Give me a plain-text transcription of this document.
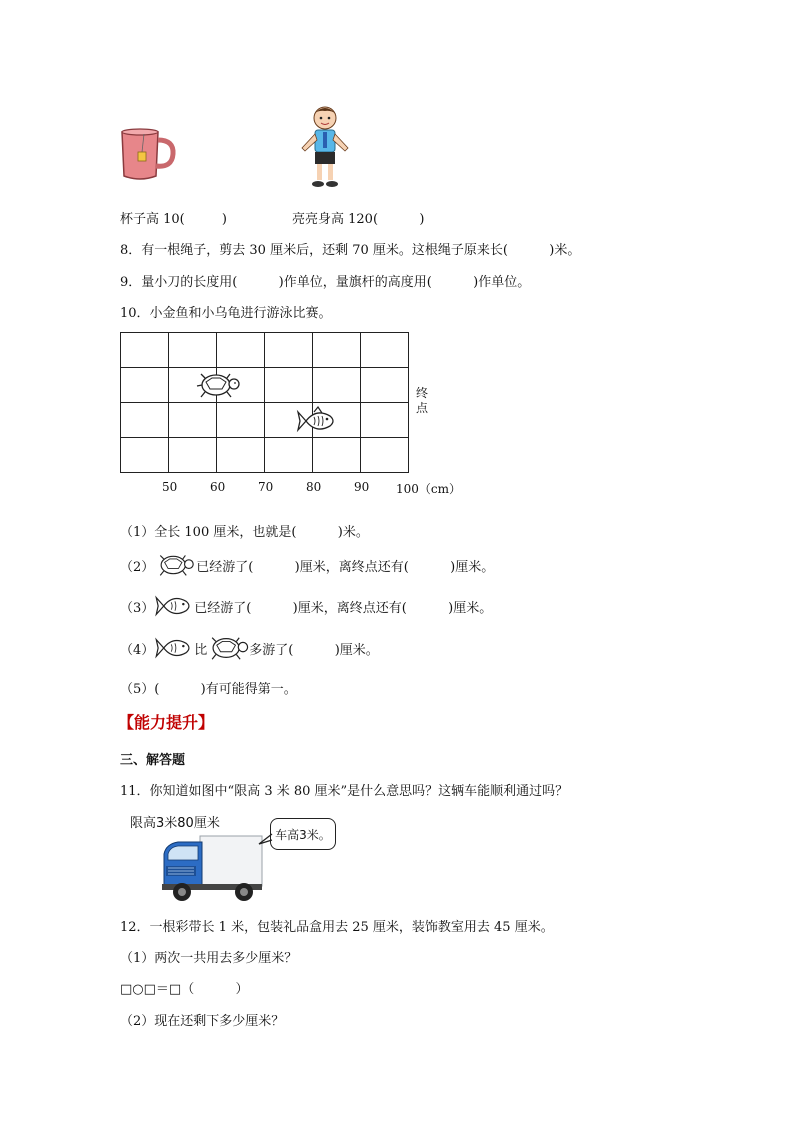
杯子高 10(         )	亮亮身高 120(          )
8．有一根绳子，剪去 30 厘米后，还剩 70 厘米。这根绳子原来长(          )米。
9．量小刀的长度用(          )作单位，量旗杆的高度用(          )作单位。
10．小金鱼和小乌龟进行游泳比赛。
终
点
50	60	70	80	90 100（cm）
（1）全长 100 厘米，也就是(          )米。
（2）	已经游了(          )厘米，离终点还有(          )厘米。
（3）	已经游了(          )厘米，离终点还有(          )厘米。
（4）	比	多游了(          )厘米。
（5）(          )有可能得第一。
【能力提升】
三、解答题
11．你知道如图中“限高 3 米 80 厘米”是什么意思吗？这辆车能顺利通过吗？
限高3米80厘米
车高3米。
12．一根彩带长 1 米，包装礼品盒用去 25 厘米，装饰教室用去 45 厘米。
（1）两次一共用去多少厘米？
□○□＝□（          ）
（2）现在还剩下多少厘米？
